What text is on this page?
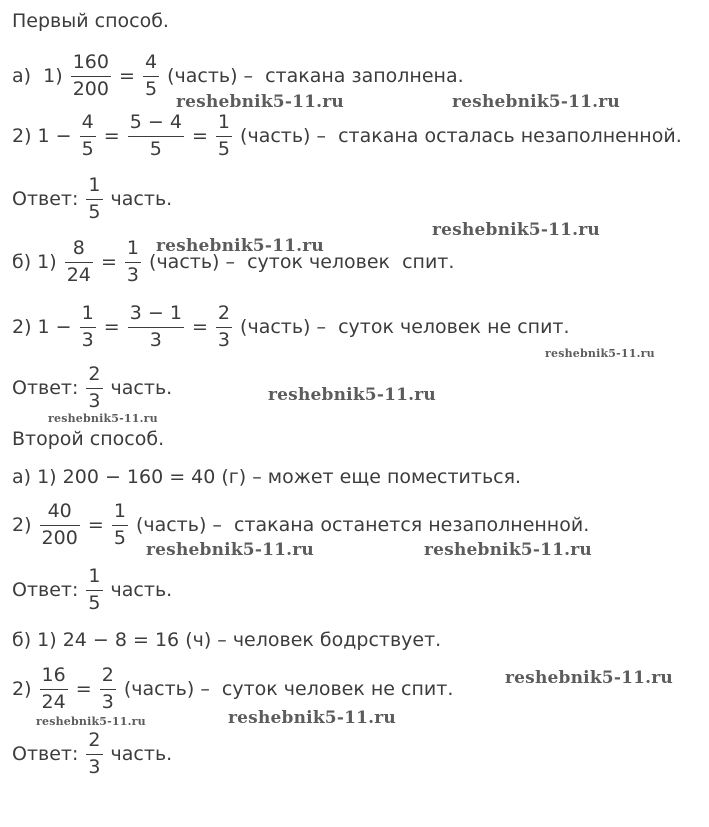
Первый способ.
а)  $1) \frac{160}{200} = \frac{4}{5}$ (часть) –  стакана заполнена.
2) $1 - \frac{4}{5} = \frac{5 - 4}{5} = \frac{1}{5}$ (часть) –  стакана осталась незаполненной.
Ответ: $\frac{1}{5}$ часть.
б) $1) \frac{8}{24} = \frac{1}{3}$ (часть) –  суток человек  спит.
2) $1 - \frac{1}{3} = \frac{3 - 1}{3} = \frac{2}{3}$ (часть) –  суток человек не спит.
Ответ: $\frac{2}{3}$ часть.
Второй способ.
а) 1) 200 − 160 = 40 (г) – может еще поместиться.
$2) \frac{40}{200} = \frac{1}{5}$ (часть) –  стакана останется незаполненной.
Ответ: $\frac{1}{5}$ часть.
б) 1) 24 − 8 = 16 (ч) – человек бодрствует.
$2) \frac{16}{24} = \frac{2}{3}$ (часть) –  суток человек не спит.
Ответ: $\frac{2}{3}$ часть.
reshebnik5-11.ru	reshebnik5-11.ru
reshebnik5-11.ru
reshebnik5-11.ru
reshebnik5-11.ru
reshebnik5-11.ru
reshebnik5-11.ru
reshebnik5-11.ru	reshebnik5-11.ru
reshebnik5-11.ru
reshebnik5-11.ru	reshebnik5-11.ru
